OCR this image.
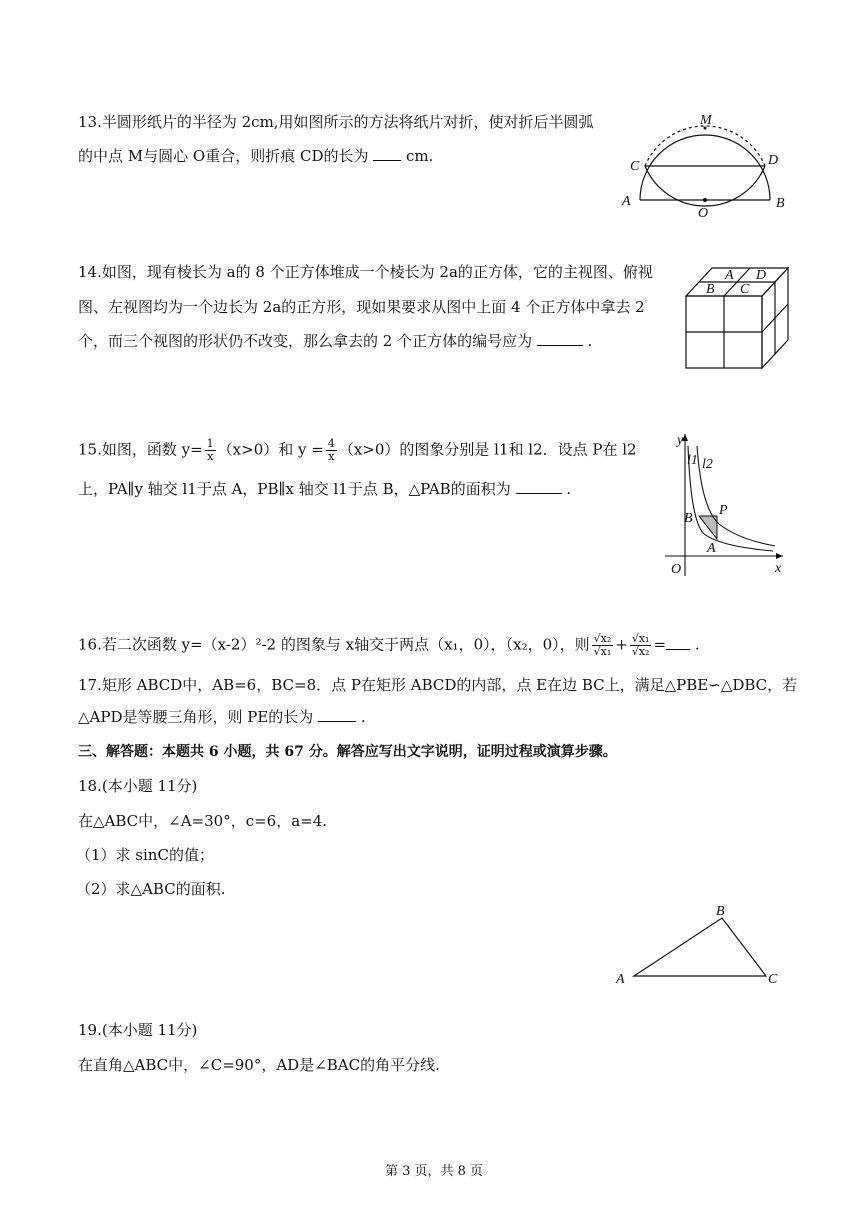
13.半圆形纸片的半径为 2cm,用如图所示的方法将纸片对折，使对折后半圆弧
的中点 M与圆心 O重合，则折痕 CD的长为	cm.
M
C	D
A
O
B
14.如图，现有棱长为 a的 8 个正方体堆成一个棱长为 2a的正方体，它的主视图、俯视
图、左视图均为一个边长为 2a的正方形，现如果要求从图中上面 4 个正方体中拿去 2
个，而三个视图的形状仍不改变，那么拿去的 2 个正方体的编号应为	.
A D
B C
15.如图，函数 $y= \frac{1}{x} (x>0)$和 $y = \frac{4}{x} (x>0)$的图象分别是 l1和 l2．设点 P在 l2
上，PA∥y 轴交 l1于点 A，PB∥x 轴交 l1于点 B，△PAB的面积为	.
y
x
O
l1 l2
P
B
A
16.若二次函数 y=（x-2）²-2 的图象与 x轴交于两点（x₁，0），（x₂，0），则 $\frac{\text{√x₂}}{\text{√x₁}} + \frac{\text{√x₁}}{\text{√x₂}}$ = .
17.矩形 ABCD中，AB=6，BC=8．点 P在矩形 ABCD的内部，点 E在边 BC上，满足△PBE∽△DBC，若
△APD是等腰三角形，则 PE的长为	.
三、解答题：本题共 6 小题，共 67 分。解答应写出文字说明，证明过程或演算步骤。
18.(本小题 11分)
在△ABC中，∠A=30°，c=6，a=4.
（1）求 sinC的值；
（2）求△ABC的面积.
A
B
C
19.(本小题 11分)
在直角△ABC中，∠C=90°，AD是∠BAC的角平分线.
第 3 页，共 8 页
